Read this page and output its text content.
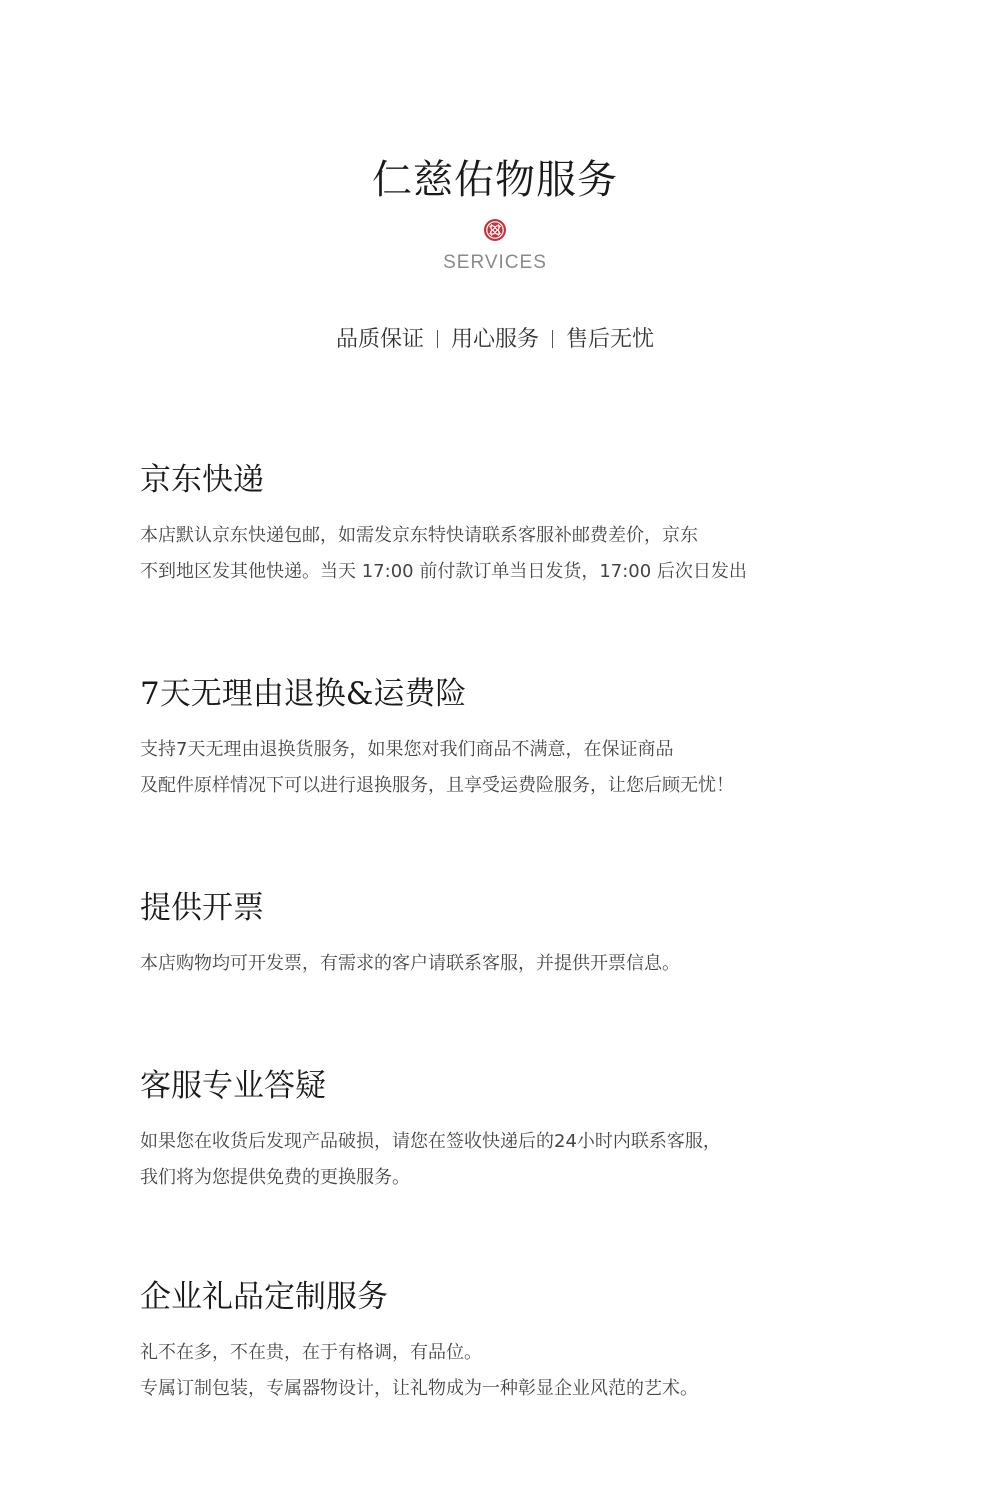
仁慈佑物服务
SERVICES
品质保证 用心服务 售后无忧
京东快递
本店默认京东快递包邮，如需发京东特快请联系客服补邮费差价，京东
不到地区发其他快递。当天 17:00 前付款订单当日发货，17:00 后次日发出
7天无理由退换&运费险
支持7天无理由退换货服务，如果您对我们商品不满意，在保证商品
及配件原样情况下可以进行退换服务，且享受运费险服务，让您后顾无忧！
提供开票
本店购物均可开发票，有需求的客户请联系客服，并提供开票信息。
客服专业答疑
如果您在收货后发现产品破损，请您在签收快递后的24小时内联系客服，
我们将为您提供免费的更换服务。
企业礼品定制服务
礼不在多，不在贵，在于有格调，有品位。
专属订制包装，专属器物设计，让礼物成为一种彰显企业风范的艺术。
